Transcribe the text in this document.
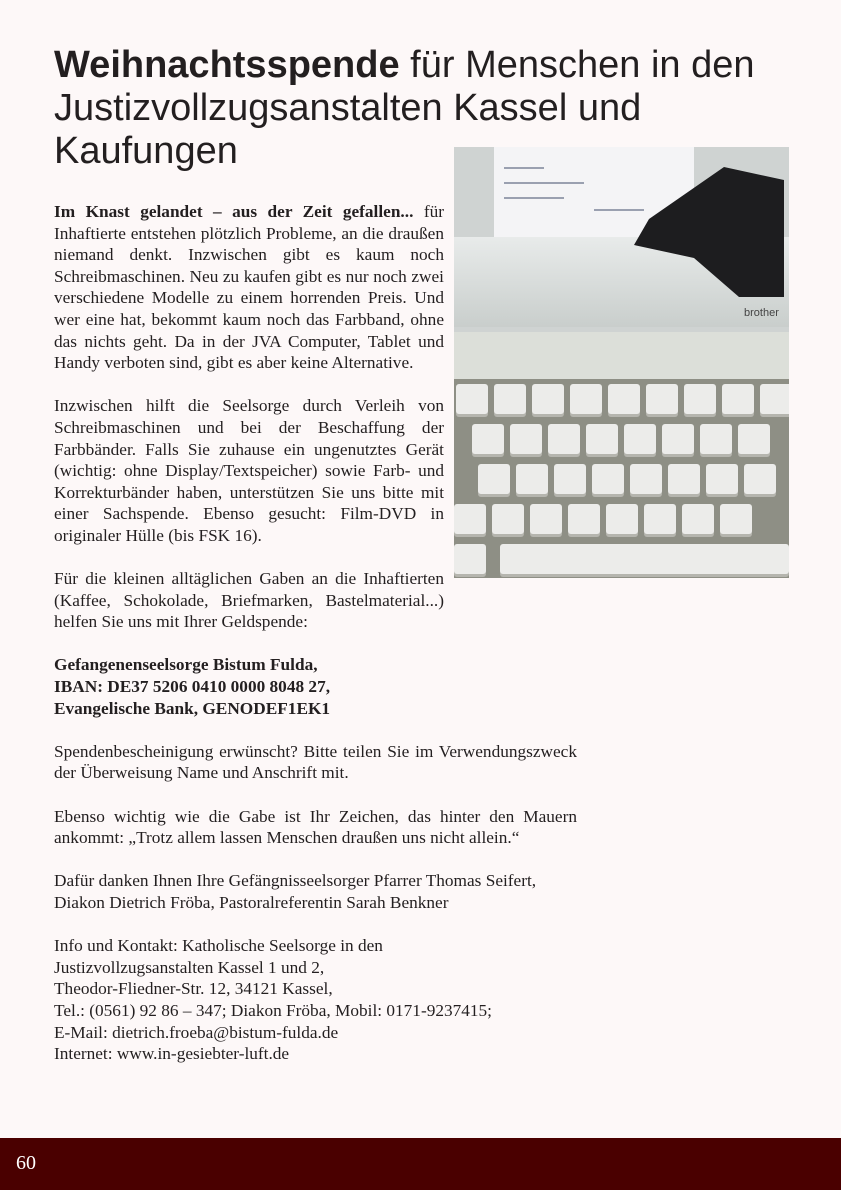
Weihnachtsspende für Menschen in den Justizvollzugsanstalten Kassel und Kaufungen
brother

Im Knast gelandet – aus der Zeit gefallen... für Inhaftierte entstehen plötzlich Probleme, an die draußen niemand denkt. Inzwischen gibt es kaum noch Schreibmaschinen. Neu zu kaufen gibt es nur noch zwei verschiedene Modelle zu einem horrenden Preis. Und wer eine hat, bekommt kaum noch das Farbband, ohne das nichts geht. Da in der JVA Computer, Tablet und Handy verboten sind, gibt es aber keine Alternative.

Inzwischen hilft die Seelsorge durch Verleih von Schreibmaschinen und bei der Beschaffung der Farbbänder. Falls Sie zuhause ein ungenutztes Gerät (wichtig: ohne Display/Textspeicher) sowie Farb- und Korrekturbänder haben, unterstützen Sie uns bitte mit einer Sachspende. Ebenso gesucht: Film-DVD in originaler Hülle (bis FSK 16).

Für die kleinen alltäglichen Gaben an die Inhaftierten (Kaffee, Schokolade, Briefmarken, Bastelmaterial...) helfen Sie uns mit Ihrer Geldspende:

Gefangenenseelsorge Bistum Fulda,
IBAN: DE37 5206 0410 0000 8048 27,
Evangelische Bank, GENODEF1EK1

Spendenbescheinigung erwünscht? Bitte teilen Sie im Verwendungszweck der Überweisung Name und Anschrift mit.

Ebenso wichtig wie die Gabe ist Ihr Zeichen, das hinter den Mauern ankommt: „Trotz allem lassen Menschen draußen uns nicht allein.“

Dafür danken Ihnen Ihre Gefängnisseelsorger Pfarrer Thomas Seifert, Diakon Dietrich Fröba, Pastoralreferentin Sarah Benkner

Info und Kontakt: Katholische Seelsorge in den
Justizvollzugsanstalten Kassel 1 und 2,
Theodor-Fliedner-Str. 12, 34121 Kassel,
Tel.: (0561) 92 86 – 347; Diakon Fröba, Mobil: 0171-9237415;
E-Mail: dietrich.froeba@bistum-fulda.de
Internet: www.in-gesiebter-luft.de

60
